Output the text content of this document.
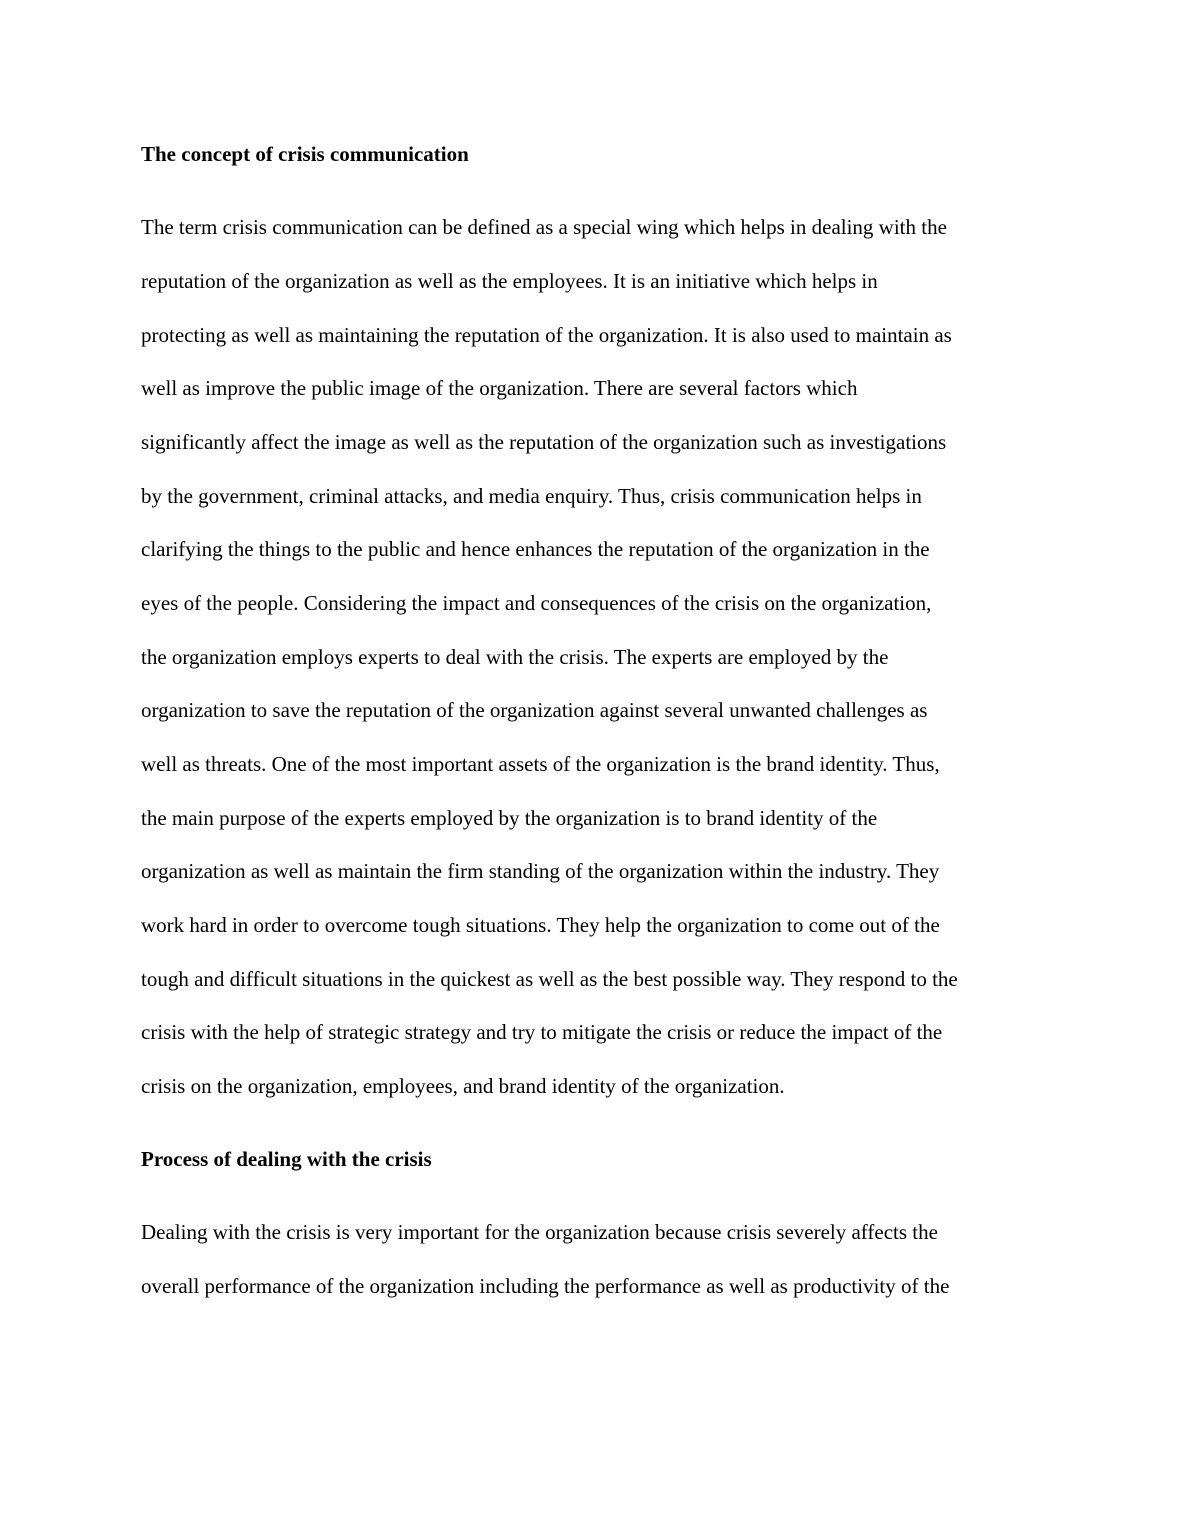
The concept of crisis communication

The term crisis communication can be defined as a special wing which helps in dealing with the

reputation of the organization as well as the employees. It is an initiative which helps in

protecting as well as maintaining the reputation of the organization. It is also used to maintain as

well as improve the public image of the organization. There are several factors which

significantly affect the image as well as the reputation of the organization such as investigations

by the government, criminal attacks, and media enquiry. Thus, crisis communication helps in

clarifying the things to the public and hence enhances the reputation of the organization in the

eyes of the people. Considering the impact and consequences of the crisis on the organization,

the organization employs experts to deal with the crisis. The experts are employed by the

organization to save the reputation of the organization against several unwanted challenges as

well as threats. One of the most important assets of the organization is the brand identity. Thus,

the main purpose of the experts employed by the organization is to brand identity of the

organization as well as maintain the firm standing of the organization within the industry. They

work hard in order to overcome tough situations. They help the organization to come out of the

tough and difficult situations in the quickest as well as the best possible way. They respond to the

crisis with the help of strategic strategy and try to mitigate the crisis or reduce the impact of the

crisis on the organization, employees, and brand identity of the organization.

Process of dealing with the crisis

Dealing with the crisis is very important for the organization because crisis severely affects the

overall performance of the organization including the performance as well as productivity of the
